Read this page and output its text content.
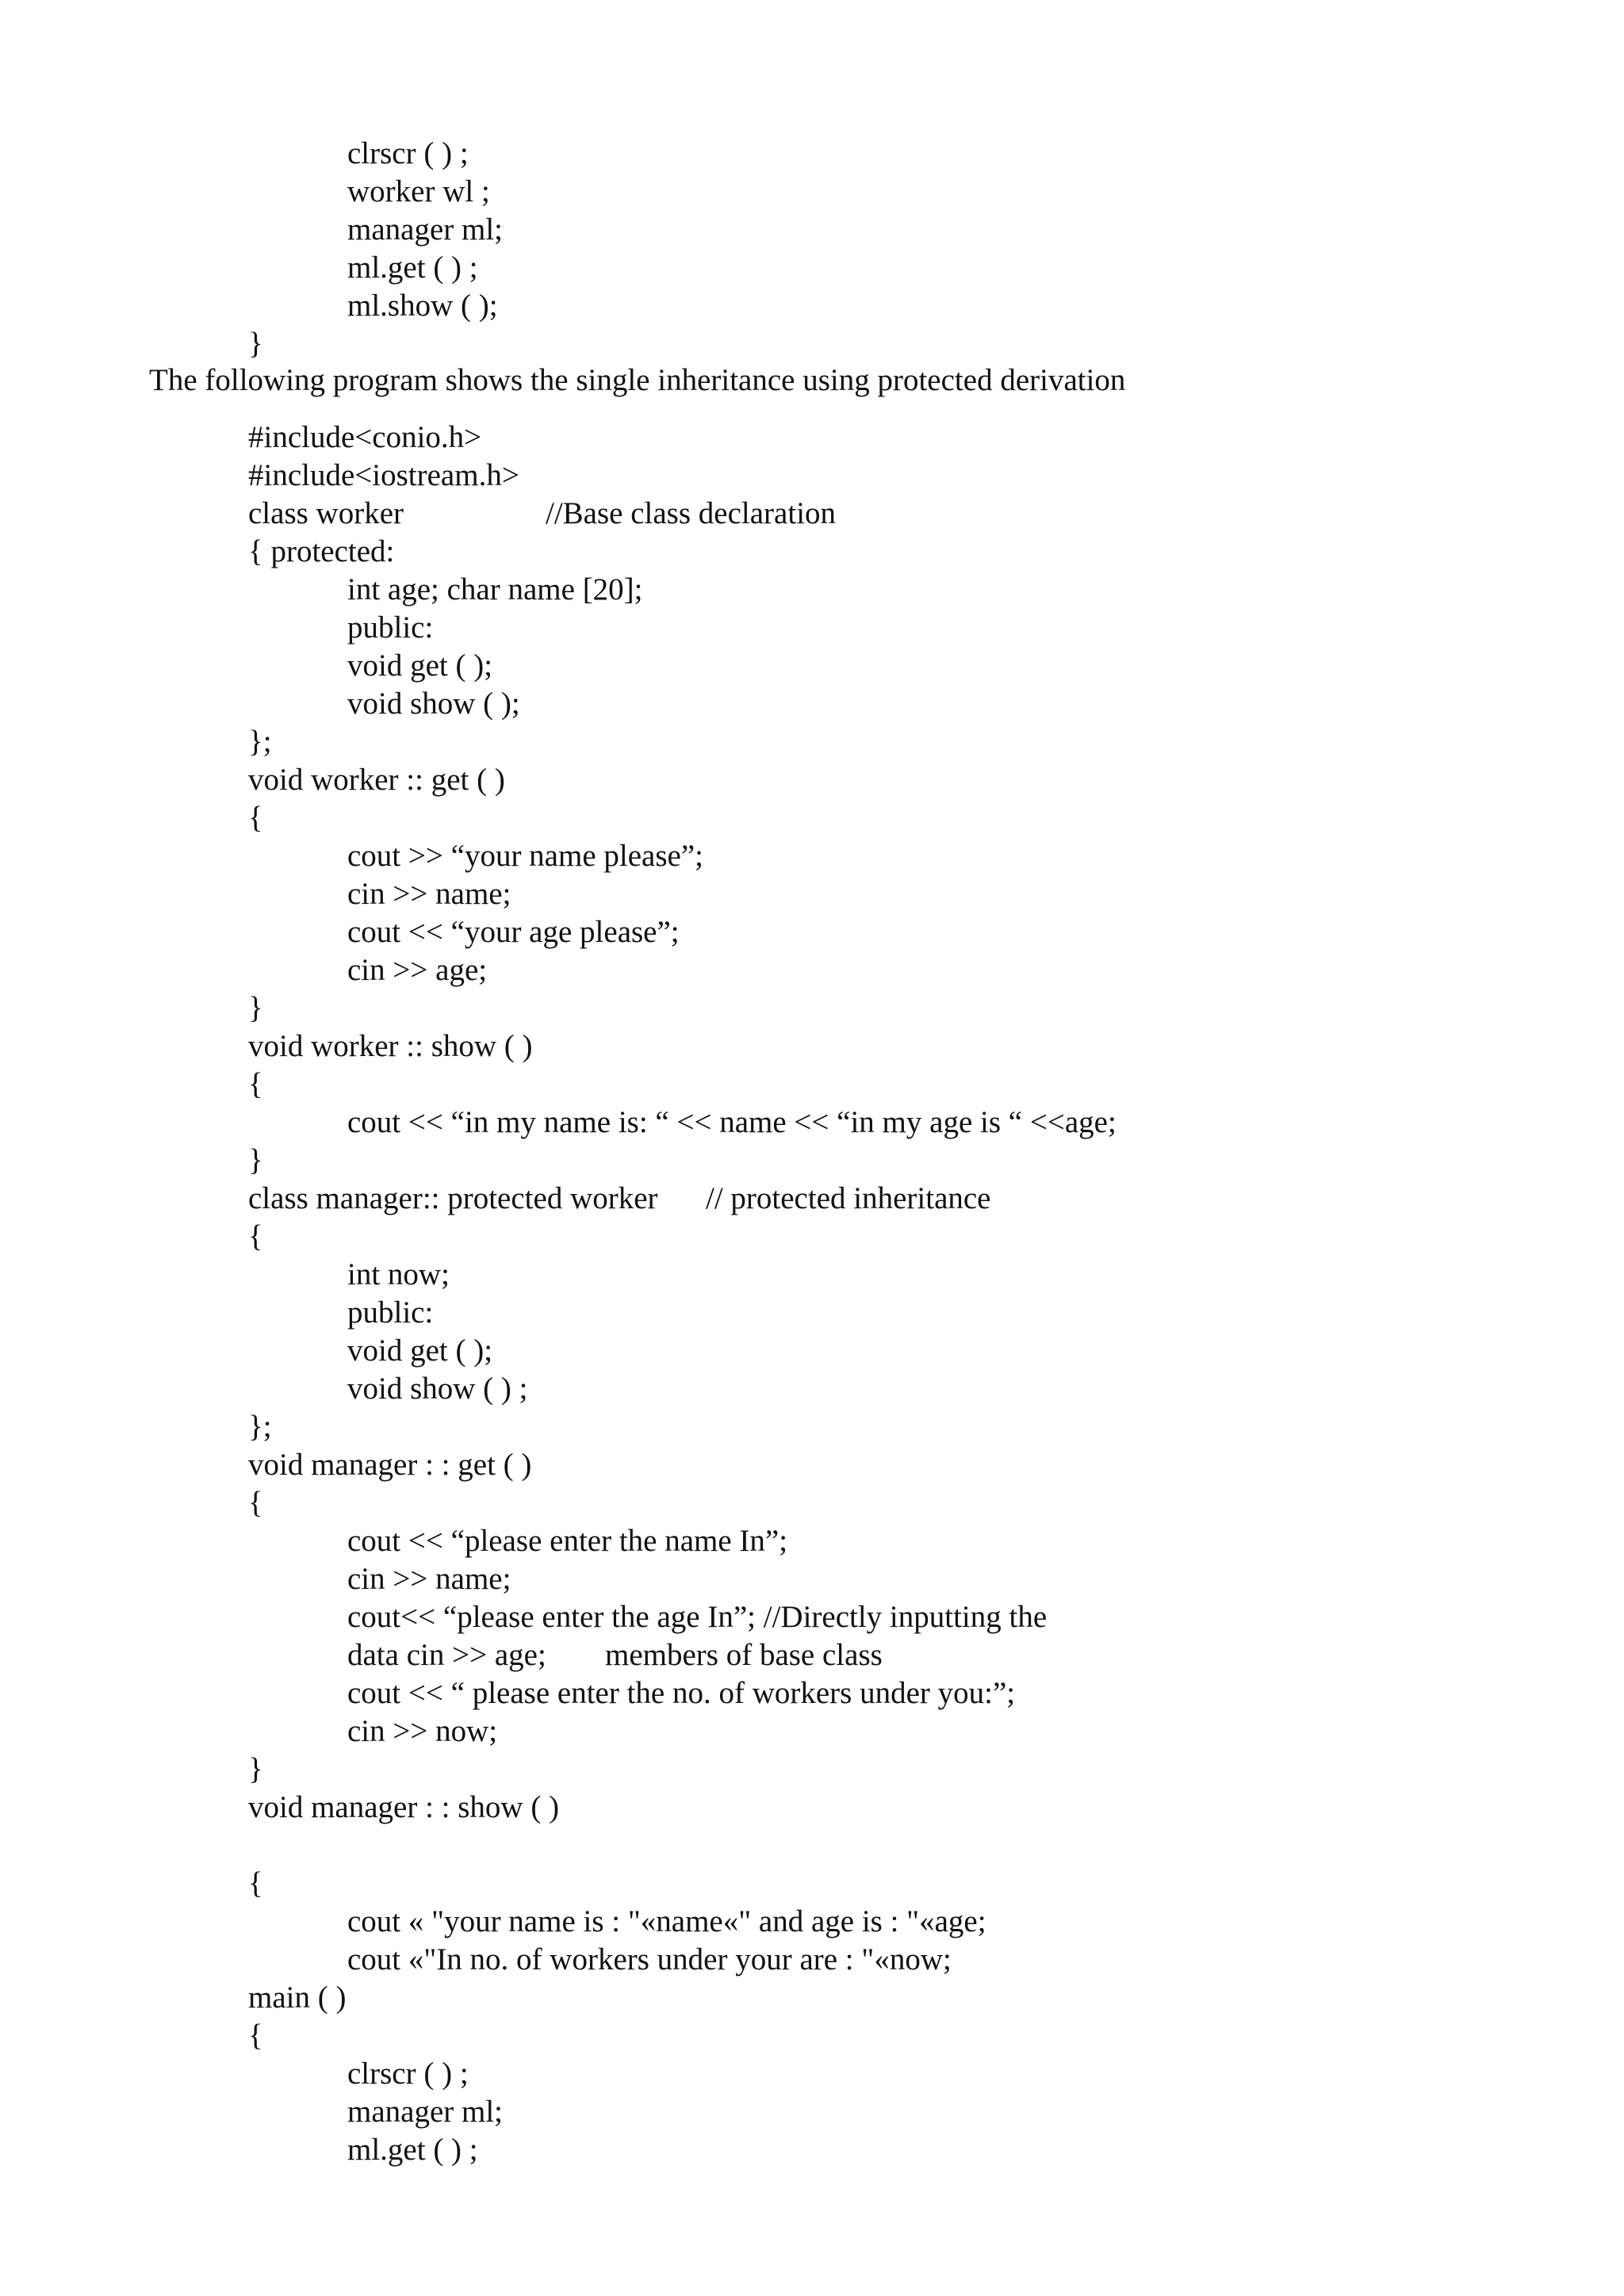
clrscr ( ) ;
worker wl ;
manager ml;
ml.get ( ) ;
ml.show ( );
}
The following program shows the single inheritance using protected derivation
#include<conio.h>
#include<iostream.h>
class worker	//Base class declaration
{ protected:
int age; char name [20];
public:
void get ( );
void show ( );
};
void worker :: get ( )
{
cout >> “your name please”;
cin >> name;
cout << “your age please”;
cin >> age;
}
void worker :: show ( )
{
cout << “in my name is: “ << name << “in my age is “ <<age;
}
class manager:: protected worker // protected inheritance
{
int now;
public:
void get ( );
void show ( ) ;
};
void manager : : get ( )
{
cout << “please enter the name In”;
cin >> name;
cout<< “please enter the age In”; //Directly inputting the
data cin >> age; members of base class
cout << “ please enter the no. of workers under you:”;
cin >> now;
}
void manager : : show ( )
{
cout « "your name is : "«name«" and age is : "«age;
cout «"In no. of workers under your are : "«now;
main ( )
{
clrscr ( ) ;
manager ml;
ml.get ( ) ;
